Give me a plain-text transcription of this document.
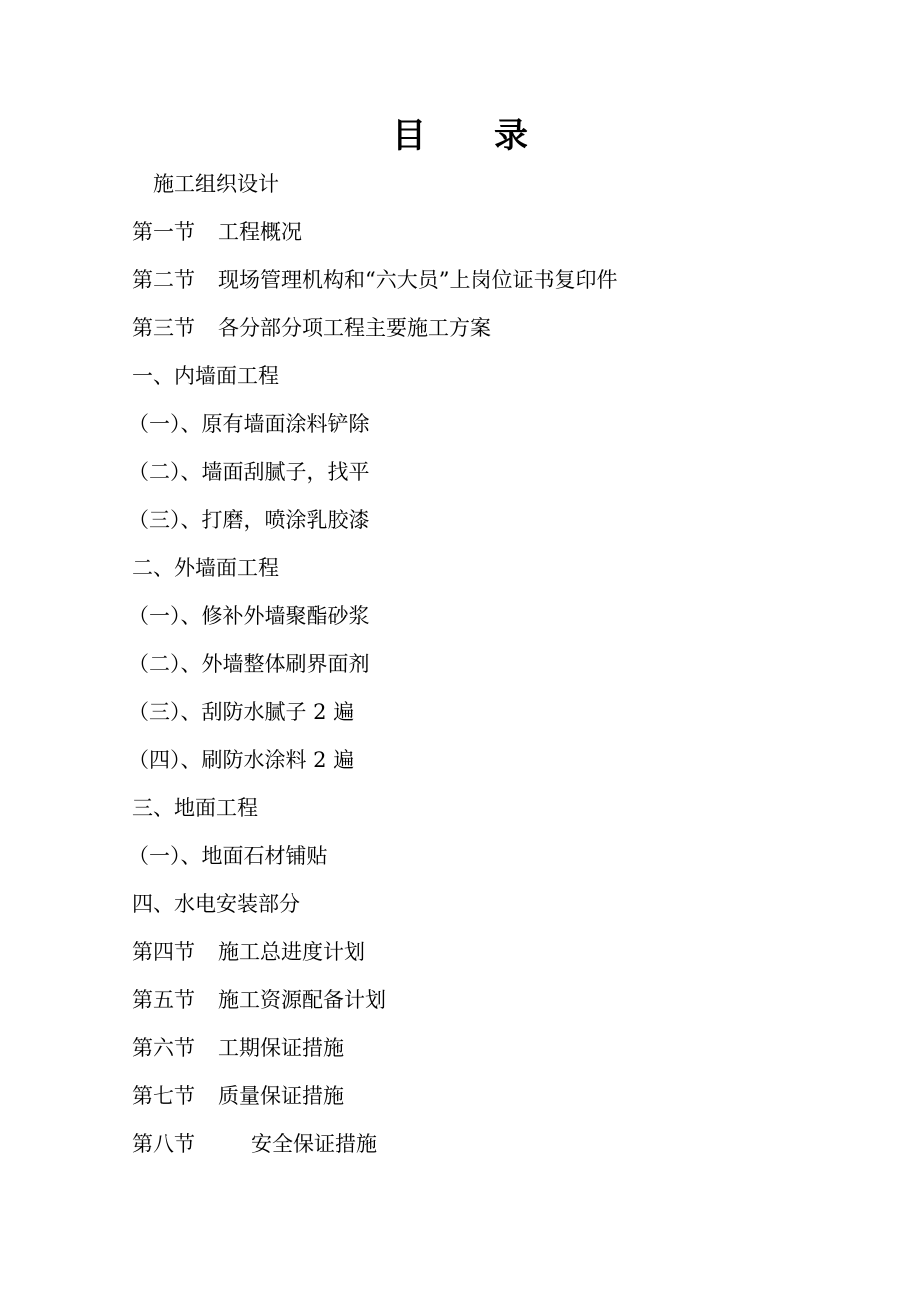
目 录
施工组织设计
第一节 工程概况
第二节 现场管理机构和“六大员”上岗位证书复印件
第三节 各分部分项工程主要施工方案
一、内墙面工程
（一）、原有墙面涂料铲除
（二）、墙面刮腻子，找平
（三）、打磨，喷涂乳胶漆
二、外墙面工程
（一）、修补外墙聚酯砂浆
（二）、外墙整体刷界面剂
（三）、刮防水腻子 2 遍
（四）、刷防水涂料 2 遍
三、地面工程
（一）、地面石材铺贴
四、水电安装部分
第四节 施工总进度计划
第五节 施工资源配备计划
第六节 工期保证措施
第七节 质量保证措施
第八节	安全保证措施
